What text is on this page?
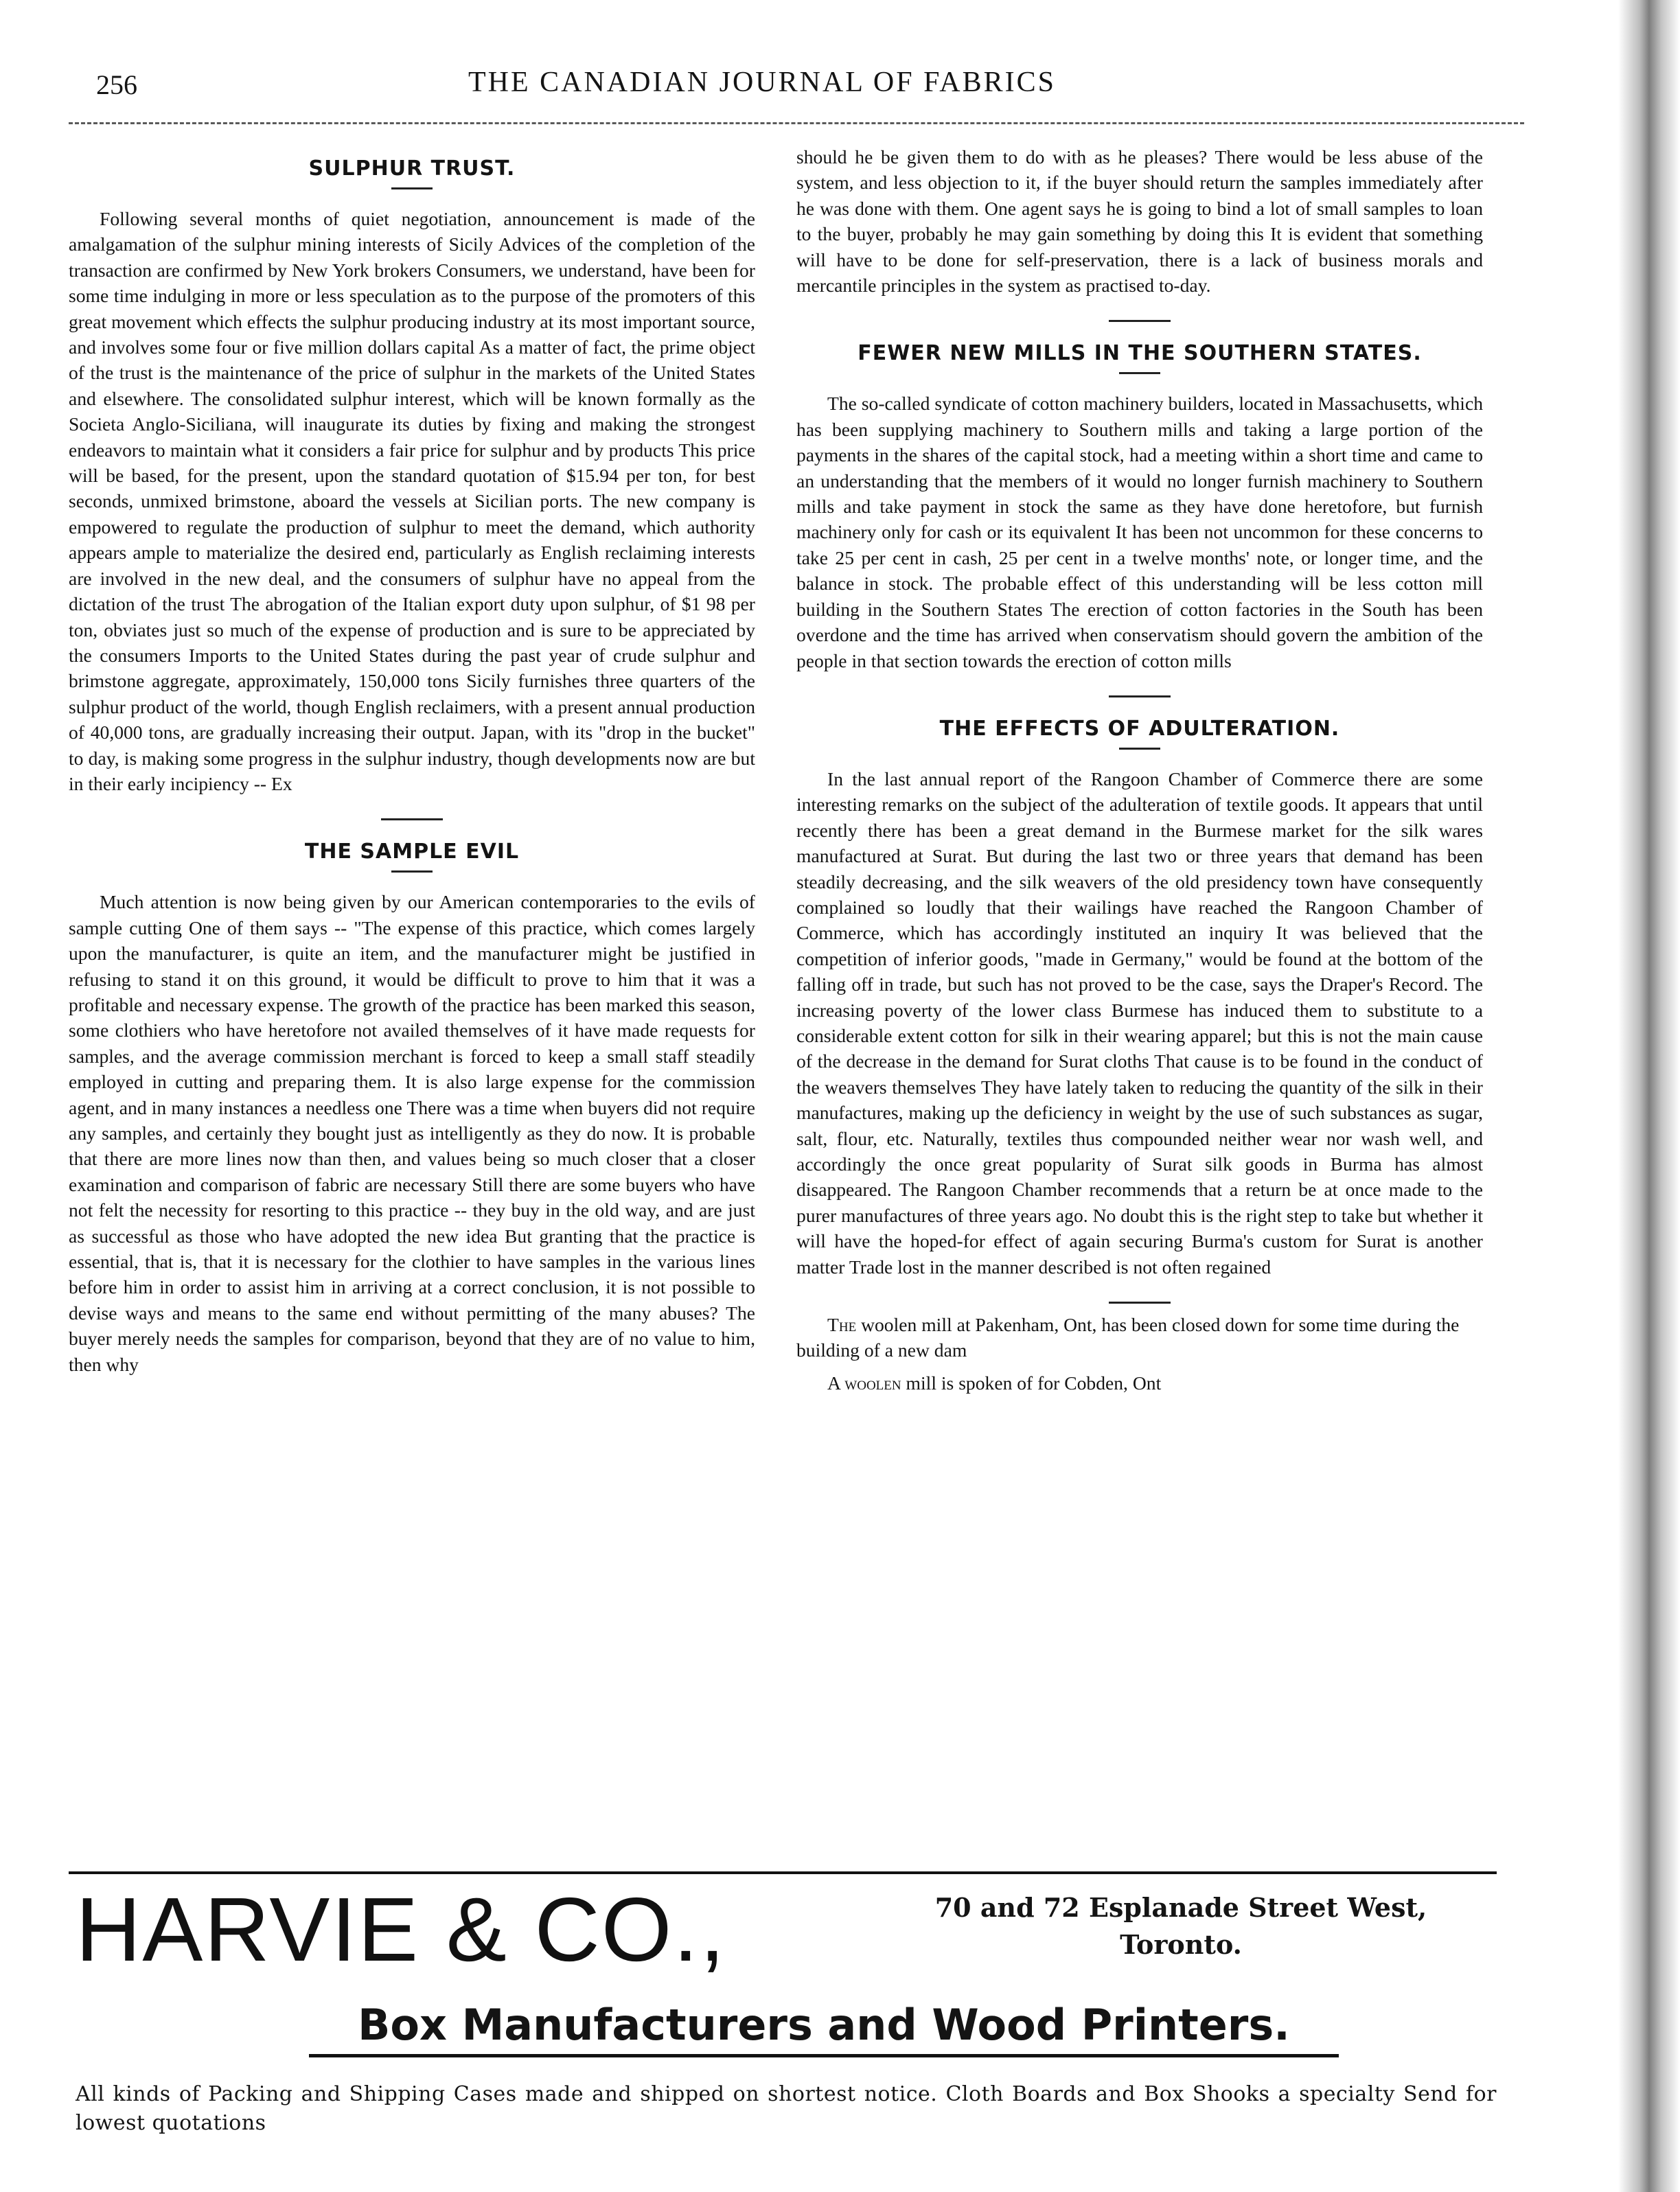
256	THE CANADIAN JOURNAL OF FABRICS
SULPHUR TRUST.

Following several months of quiet negotiation, announcement is made of the amalgamation of the sulphur mining interests of Sicily Advices of the completion of the transaction are confirmed by New York brokers Consumers, we understand, have been for some time indulging in more or less speculation as to the purpose of the promoters of this great movement which effects the sulphur producing industry at its most important source, and involves some four or five million dollars capital As a matter of fact, the prime object of the trust is the maintenance of the price of sulphur in the markets of the United States and elsewhere. The consolidated sulphur interest, which will be known formally as the Societa Anglo-Siciliana, will inaugurate its duties by fixing and making the strongest endeavors to maintain what it considers a fair price for sulphur and by products This price will be based, for the present, upon the standard quotation of $15.94 per ton, for best seconds, unmixed brimstone, aboard the vessels at Sicilian ports. The new company is empowered to regulate the production of sulphur to meet the demand, which authority appears ample to materialize the desired end, particularly as English reclaiming interests are involved in the new deal, and the consumers of sulphur have no appeal from the dictation of the trust The abrogation of the Italian export duty upon sulphur, of $1 98 per ton, obviates just so much of the expense of production and is sure to be appreciated by the consumers Imports to the United States during the past year of crude sulphur and brimstone aggregate, approximately, 150,000 tons Sicily furnishes three quarters of the sulphur product of the world, though English reclaimers, with a present annual production of 40,000 tons, are gradually increasing their output. Japan, with its "drop in the bucket" to day, is making some progress in the sulphur industry, though developments now are but in their early incipiency -- Ex

THE SAMPLE EVIL

Much attention is now being given by our American contemporaries to the evils of sample cutting One of them says -- "The expense of this practice, which comes largely upon the manufacturer, is quite an item, and the manufacturer might be justified in refusing to stand it on this ground, it would be difficult to prove to him that it was a profitable and necessary expense. The growth of the practice has been marked this season, some clothiers who have heretofore not availed themselves of it have made requests for samples, and the average commission merchant is forced to keep a small staff steadily employed in cutting and preparing them. It is also large expense for the commission agent, and in many instances a needless one There was a time when buyers did not require any samples, and certainly they bought just as intelligently as they do now. It is probable that there are more lines now than then, and values being so much closer that a closer examination and comparison of fabric are necessary Still there are some buyers who have not felt the necessity for resorting to this practice -- they buy in the old way, and are just as successful as those who have adopted the new idea But granting that the practice is essential, that is, that it is necessary for the clothier to have samples in the various lines before him in order to assist him in arriving at a correct conclusion, it is not possible to devise ways and means to the same end without permitting of the many abuses? The buyer merely needs the samples for comparison, beyond that they are of no value to him, then why

should he be given them to do with as he pleases? There would be less abuse of the system, and less objection to it, if the buyer should return the samples immediately after he was done with them. One agent says he is going to bind a lot of small samples to loan to the buyer, probably he may gain something by doing this It is evident that something will have to be done for self-preservation, there is a lack of business morals and mercantile principles in the system as practised to-day.

FEWER NEW MILLS IN THE SOUTHERN STATES.

The so-called syndicate of cotton machinery builders, located in Massachusetts, which has been supplying machinery to Southern mills and taking a large portion of the payments in the shares of the capital stock, had a meeting within a short time and came to an understanding that the members of it would no longer furnish machinery to Southern mills and take payment in stock the same as they have done heretofore, but furnish machinery only for cash or its equivalent It has been not uncommon for these concerns to take 25 per cent in cash, 25 per cent in a twelve months' note, or longer time, and the balance in stock. The probable effect of this understanding will be less cotton mill building in the Southern States The erection of cotton factories in the South has been overdone and the time has arrived when conservatism should govern the ambition of the people in that section towards the erection of cotton mills

THE EFFECTS OF ADULTERATION.

In the last annual report of the Rangoon Chamber of Commerce there are some interesting remarks on the subject of the adulteration of textile goods. It appears that until recently there has been a great demand in the Burmese market for the silk wares manufactured at Surat. But during the last two or three years that demand has been steadily decreasing, and the silk weavers of the old presidency town have consequently complained so loudly that their wailings have reached the Rangoon Chamber of Commerce, which has accordingly instituted an inquiry It was believed that the competition of inferior goods, "made in Germany," would be found at the bottom of the falling off in trade, but such has not proved to be the case, says the Draper's Record. The increasing poverty of the lower class Burmese has induced them to substitute to a considerable extent cotton for silk in their wearing apparel; but this is not the main cause of the decrease in the demand for Surat cloths That cause is to be found in the conduct of the weavers themselves They have lately taken to reducing the quantity of the silk in their manufactures, making up the deficiency in weight by the use of such substances as sugar, salt, flour, etc. Naturally, textiles thus compounded neither wear nor wash well, and accordingly the once great popularity of Surat silk goods in Burma has almost disappeared. The Rangoon Chamber recommends that a return be at once made to the purer manufactures of three years ago. No doubt this is the right step to take but whether it will have the hoped-for effect of again securing Burma's custom for Surat is another matter Trade lost in the manner described is not often regained

The woolen mill at Pakenham, Ont, has been closed down for some time during the building of a new dam

A woolen mill is spoken of for Cobden, Ont

HARVIE & CO.,	70 and 72 Esplanade Street West,
Toronto.
Box Manufacturers and Wood Printers.
All kinds of Packing and Shipping Cases made and shipped on shortest notice. Cloth Boards and Box Shooks a specialty Send for lowest quotations
